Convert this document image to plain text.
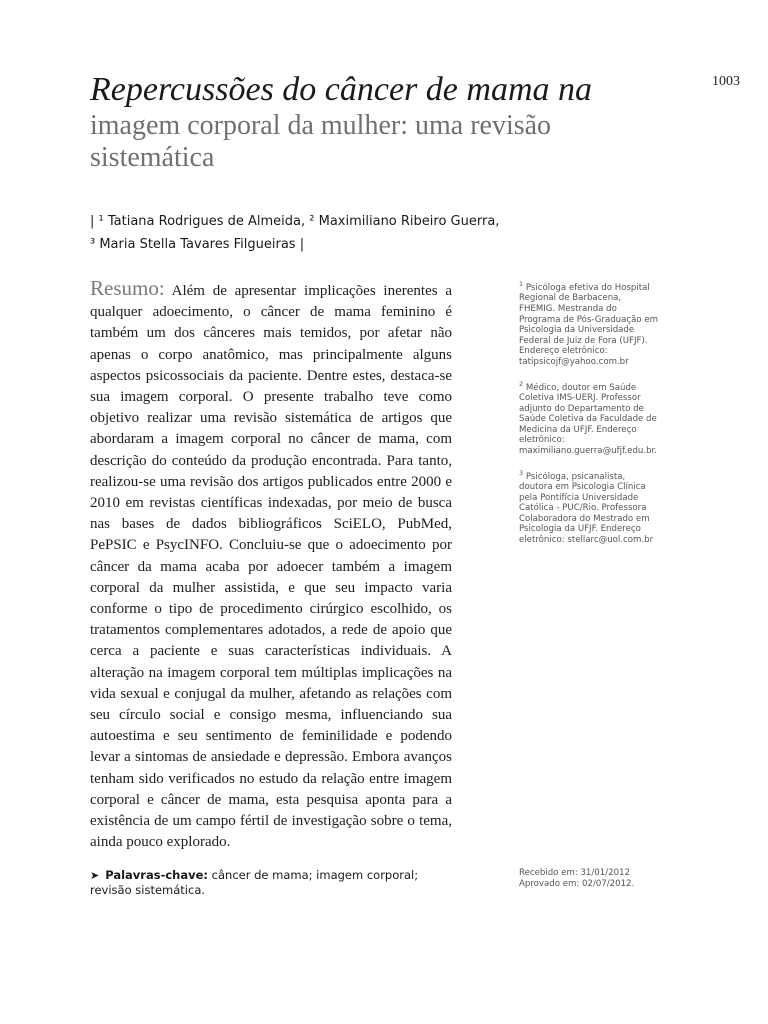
1003

Repercussões do câncer de mama na

imagem corporal da mulher: uma revisão

sistemática

| ¹ Tatiana Rodrigues de Almeida, ² Maximiliano Ribeiro Guerra,
³ Maria Stella Tavares Filgueiras |
Resumo: Além de apresentar implicações inerentes a qualquer adoecimento, o câncer de mama feminino é também um dos cânceres mais temidos, por afetar não apenas o corpo anatômico, mas principalmente alguns aspectos psicossociais da paciente. Dentre estes, destaca-se sua imagem corporal. O presente trabalho teve como objetivo realizar uma revisão sistemática de artigos que abordaram a imagem corporal no câncer de mama, com descrição do conteúdo da produção encontrada. Para tanto, realizou-se uma revisão dos artigos publicados entre 2000 e 2010 em revistas científicas indexadas, por meio de busca nas bases de dados bibliográficos SciELO, PubMed, PePSIC e PsycINFO. Concluiu-se que o adoecimento por câncer da mama acaba por adoecer também a imagem corporal da mulher assistida, e que seu impacto varia conforme o tipo de procedimento cirúrgico escolhido, os tratamentos complementares adotados, a rede de apoio que cerca a paciente e suas características individuais. A alteração na imagem corporal tem múltiplas implicações na vida sexual e conjugal da mulher, afetando as relações com seu círculo social e consigo mesma, influenciando sua autoestima e seu sentimento de feminilidade e podendo levar a sintomas de ansiedade e depressão. Embora avanços tenham sido verificados no estudo da relação entre imagem corporal e câncer de mama, esta pesquisa aponta para a existência de um campo fértil de investigação sobre o tema, ainda pouco explorado.
➤ Palavras-chave: câncer de mama; imagem corporal; revisão sistemática.

$^1$ Psicóloga efetiva do Hospital Regional de Barbacena, FHEMIG. Mestranda do Programa de Pós-Graduação em Psicologia da Universidade Federal de Juiz de Fora (UFJF). Endereço eletrônico: tatipsicojf@yahoo.com.br

$^2$ Médico, doutor em Saúde Coletiva IMS-UERJ. Professor adjunto do Departamento de Saúde Coletiva da Faculdade de Medicina da UFJF. Endereço eletrônico: maximiliano.guerra@ufjf.edu.br.

$^3$ Psicóloga, psicanalista, doutora em Psicologia Clínica pela Pontifícia Universidade Católica - PUC/Rio. Professora Colaboradora do Mestrado em Psicologia da UFJF. Endereço eletrônico: stellarc@uol.com.br

Recebido em: 31/01/2012
Aprovado em: 02/07/2012.
